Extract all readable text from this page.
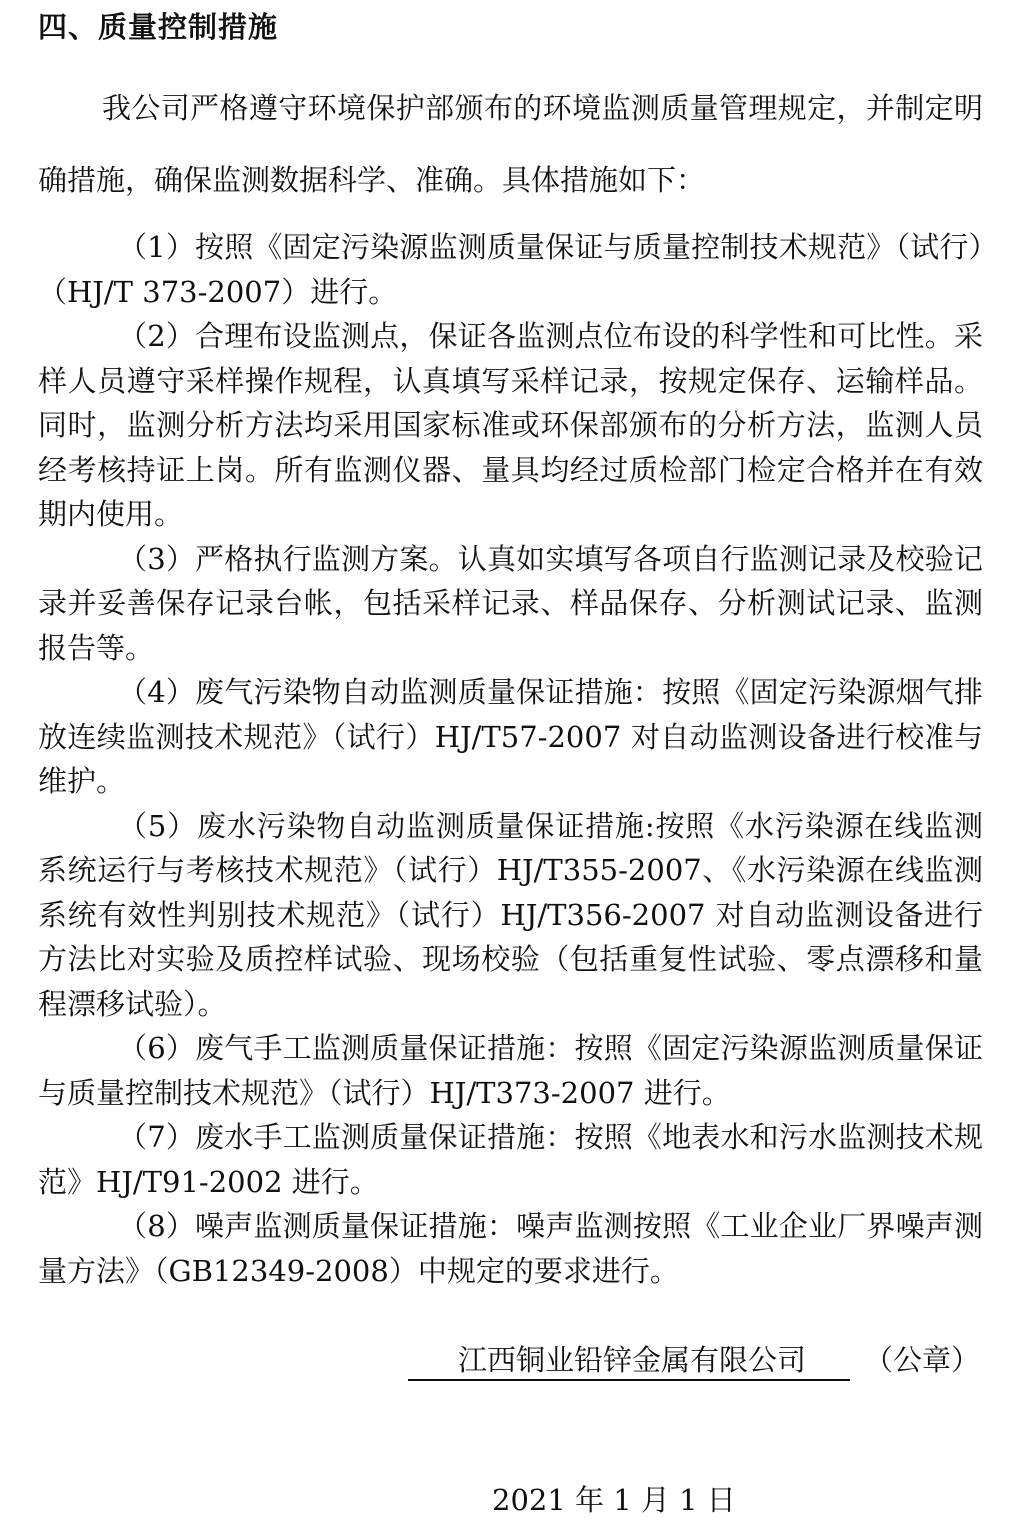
四、质量控制措施

我公司严格遵守环境保护部颁布的环境监测质量管理规定，并制定明确措施，确保监测数据科学、准确。具体措施如下：

（1）按照《固定污染源监测质量保证与质量控制技术规范》（试行）（HJ/T 373-2007）进行。

（2）合理布设监测点，保证各监测点位布设的科学性和可比性。采样人员遵守采样操作规程，认真填写采样记录，按规定保存、运输样品。同时，监测分析方法均采用国家标准或环保部颁布的分析方法，监测人员经考核持证上岗。所有监测仪器、量具均经过质检部门检定合格并在有效期内使用。

（3）严格执行监测方案。认真如实填写各项自行监测记录及校验记录并妥善保存记录台帐，包括采样记录、样品保存、分析测试记录、监测报告等。

（4）废气污染物自动监测质量保证措施：按照《固定污染源烟气排放连续监测技术规范》（试行）HJ/T57-2007 对自动监测设备进行校准与维护。

（5）废水污染物自动监测质量保证措施:按照《水污染源在线监测系统运行与考核技术规范》（试行）HJ/T355-2007、《水污染源在线监测系统有效性判别技术规范》（试行）HJ/T356-2007 对自动监测设备进行方法比对实验及质控样试验、现场校验（包括重复性试验、零点漂移和量程漂移试验）。

（6）废气手工监测质量保证措施：按照《固定污染源监测质量保证与质量控制技术规范》（试行）HJ/T373-2007 进行。

（7）废水手工监测质量保证措施：按照《地表水和污水监测技术规范》HJ/T91-2002 进行。

（8）噪声监测质量保证措施：噪声监测按照《工业企业厂界噪声测量方法》（GB12349-2008）中规定的要求进行。

江西铜业铅锌金属有限公司 （公章）
2021 年 1 月 1 日
